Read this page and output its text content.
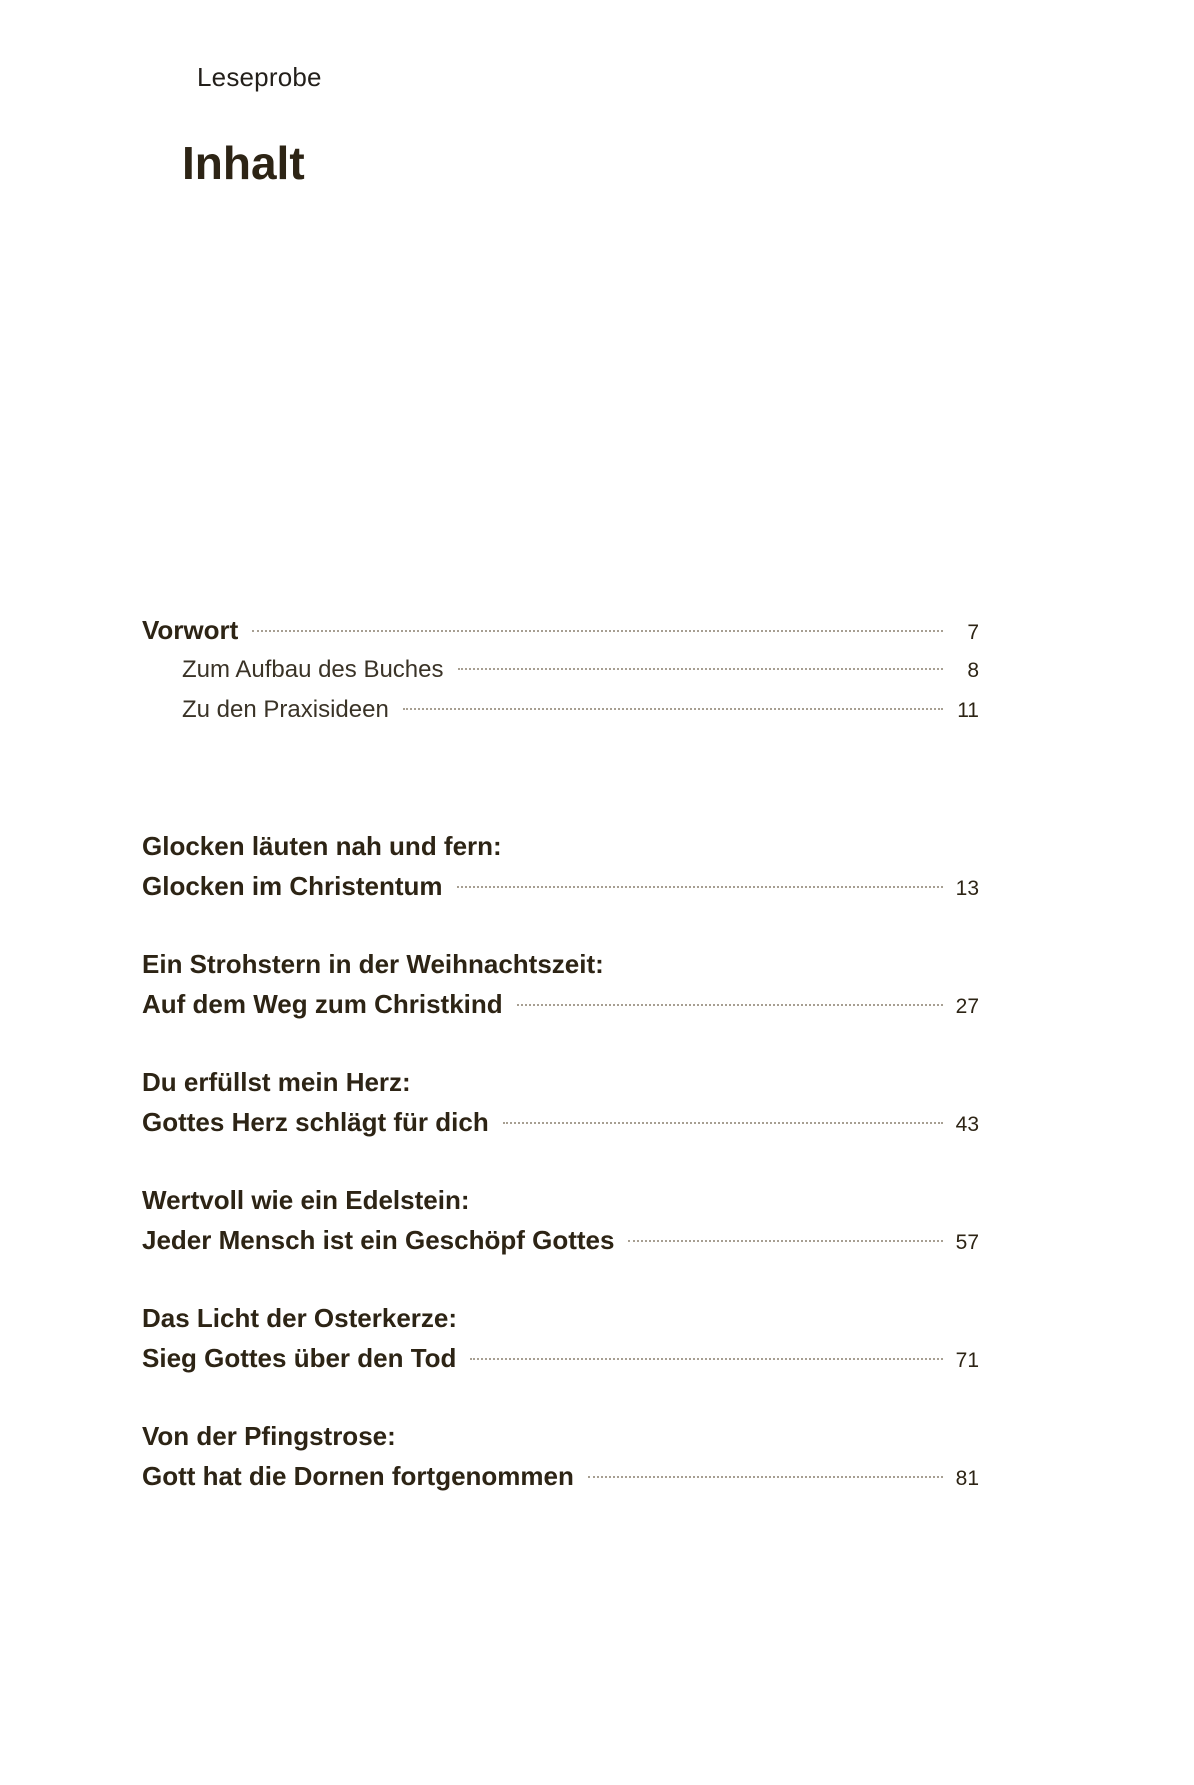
Leseprobe
Inhalt
Vorwort	7
Zum Aufbau des Buches	8
Zu den Praxisideen	11
Glocken läuten nah und fern:
Glocken im Christentum	13
Ein Strohstern in der Weihnachtszeit:
Auf dem Weg zum Christkind	27
Du erfüllst mein Herz:
Gottes Herz schlägt für dich	43
Wertvoll wie ein Edelstein:
Jeder Mensch ist ein Geschöpf Gottes	57
Das Licht der Osterkerze:
Sieg Gottes über den Tod	71
Von der Pfingstrose:
Gott hat die Dornen fortgenommen	81
